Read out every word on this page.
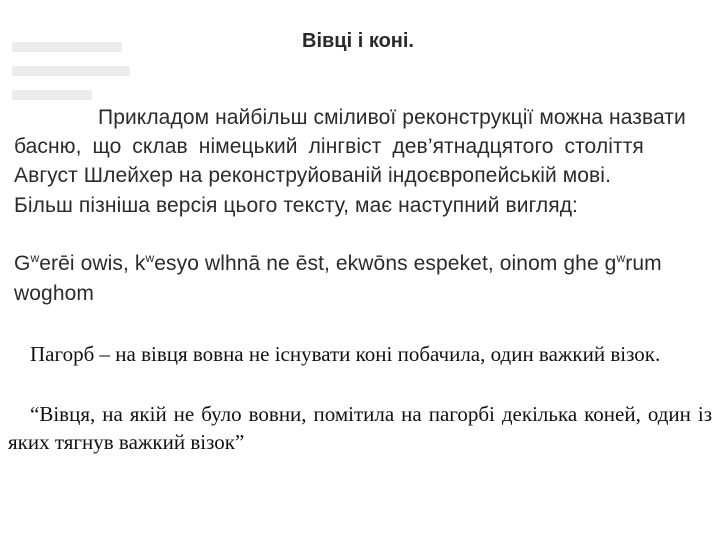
Вівці і коні.
Прикладом найбільш сміливої реконструкції можна назвати
басню, що склав німецький лінгвіст дев’ятнадцятого століття
Август Шлейхер на реконструйованій індоєвропейській мові.
Більш пізніша версія цього тексту, має наступний вигляд:
$G^werēi$ owis, $k^wesyo$ wlhnā ne ēst, ekwōns espeket, oinom ghe $g^wrum$
woghom
Пагорб – на вівця вовна не існувати коні побачила, один важкий візок.
“Вівця, на якій не було вовни, помітила на пагорбі декілька коней, один із яких тягнув важкий візок”
